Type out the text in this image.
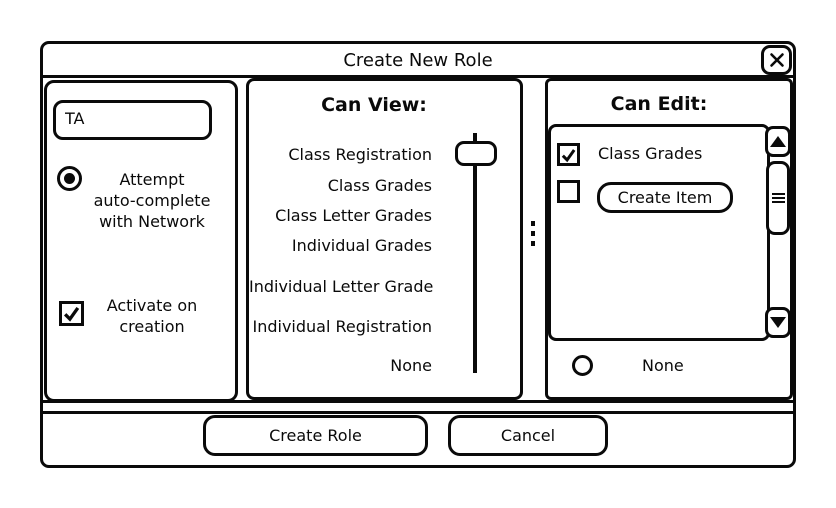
Create New Role
TA
Attempt
auto-complete
with Network
Activate on
creation
Can View:
Class Registration
Class Grades
Class Letter Grades
Individual Grades
Individual Letter Grade
Individual Registration
None
Can Edit:
Class Grades
Create Item
None
Create Role	Cancel
